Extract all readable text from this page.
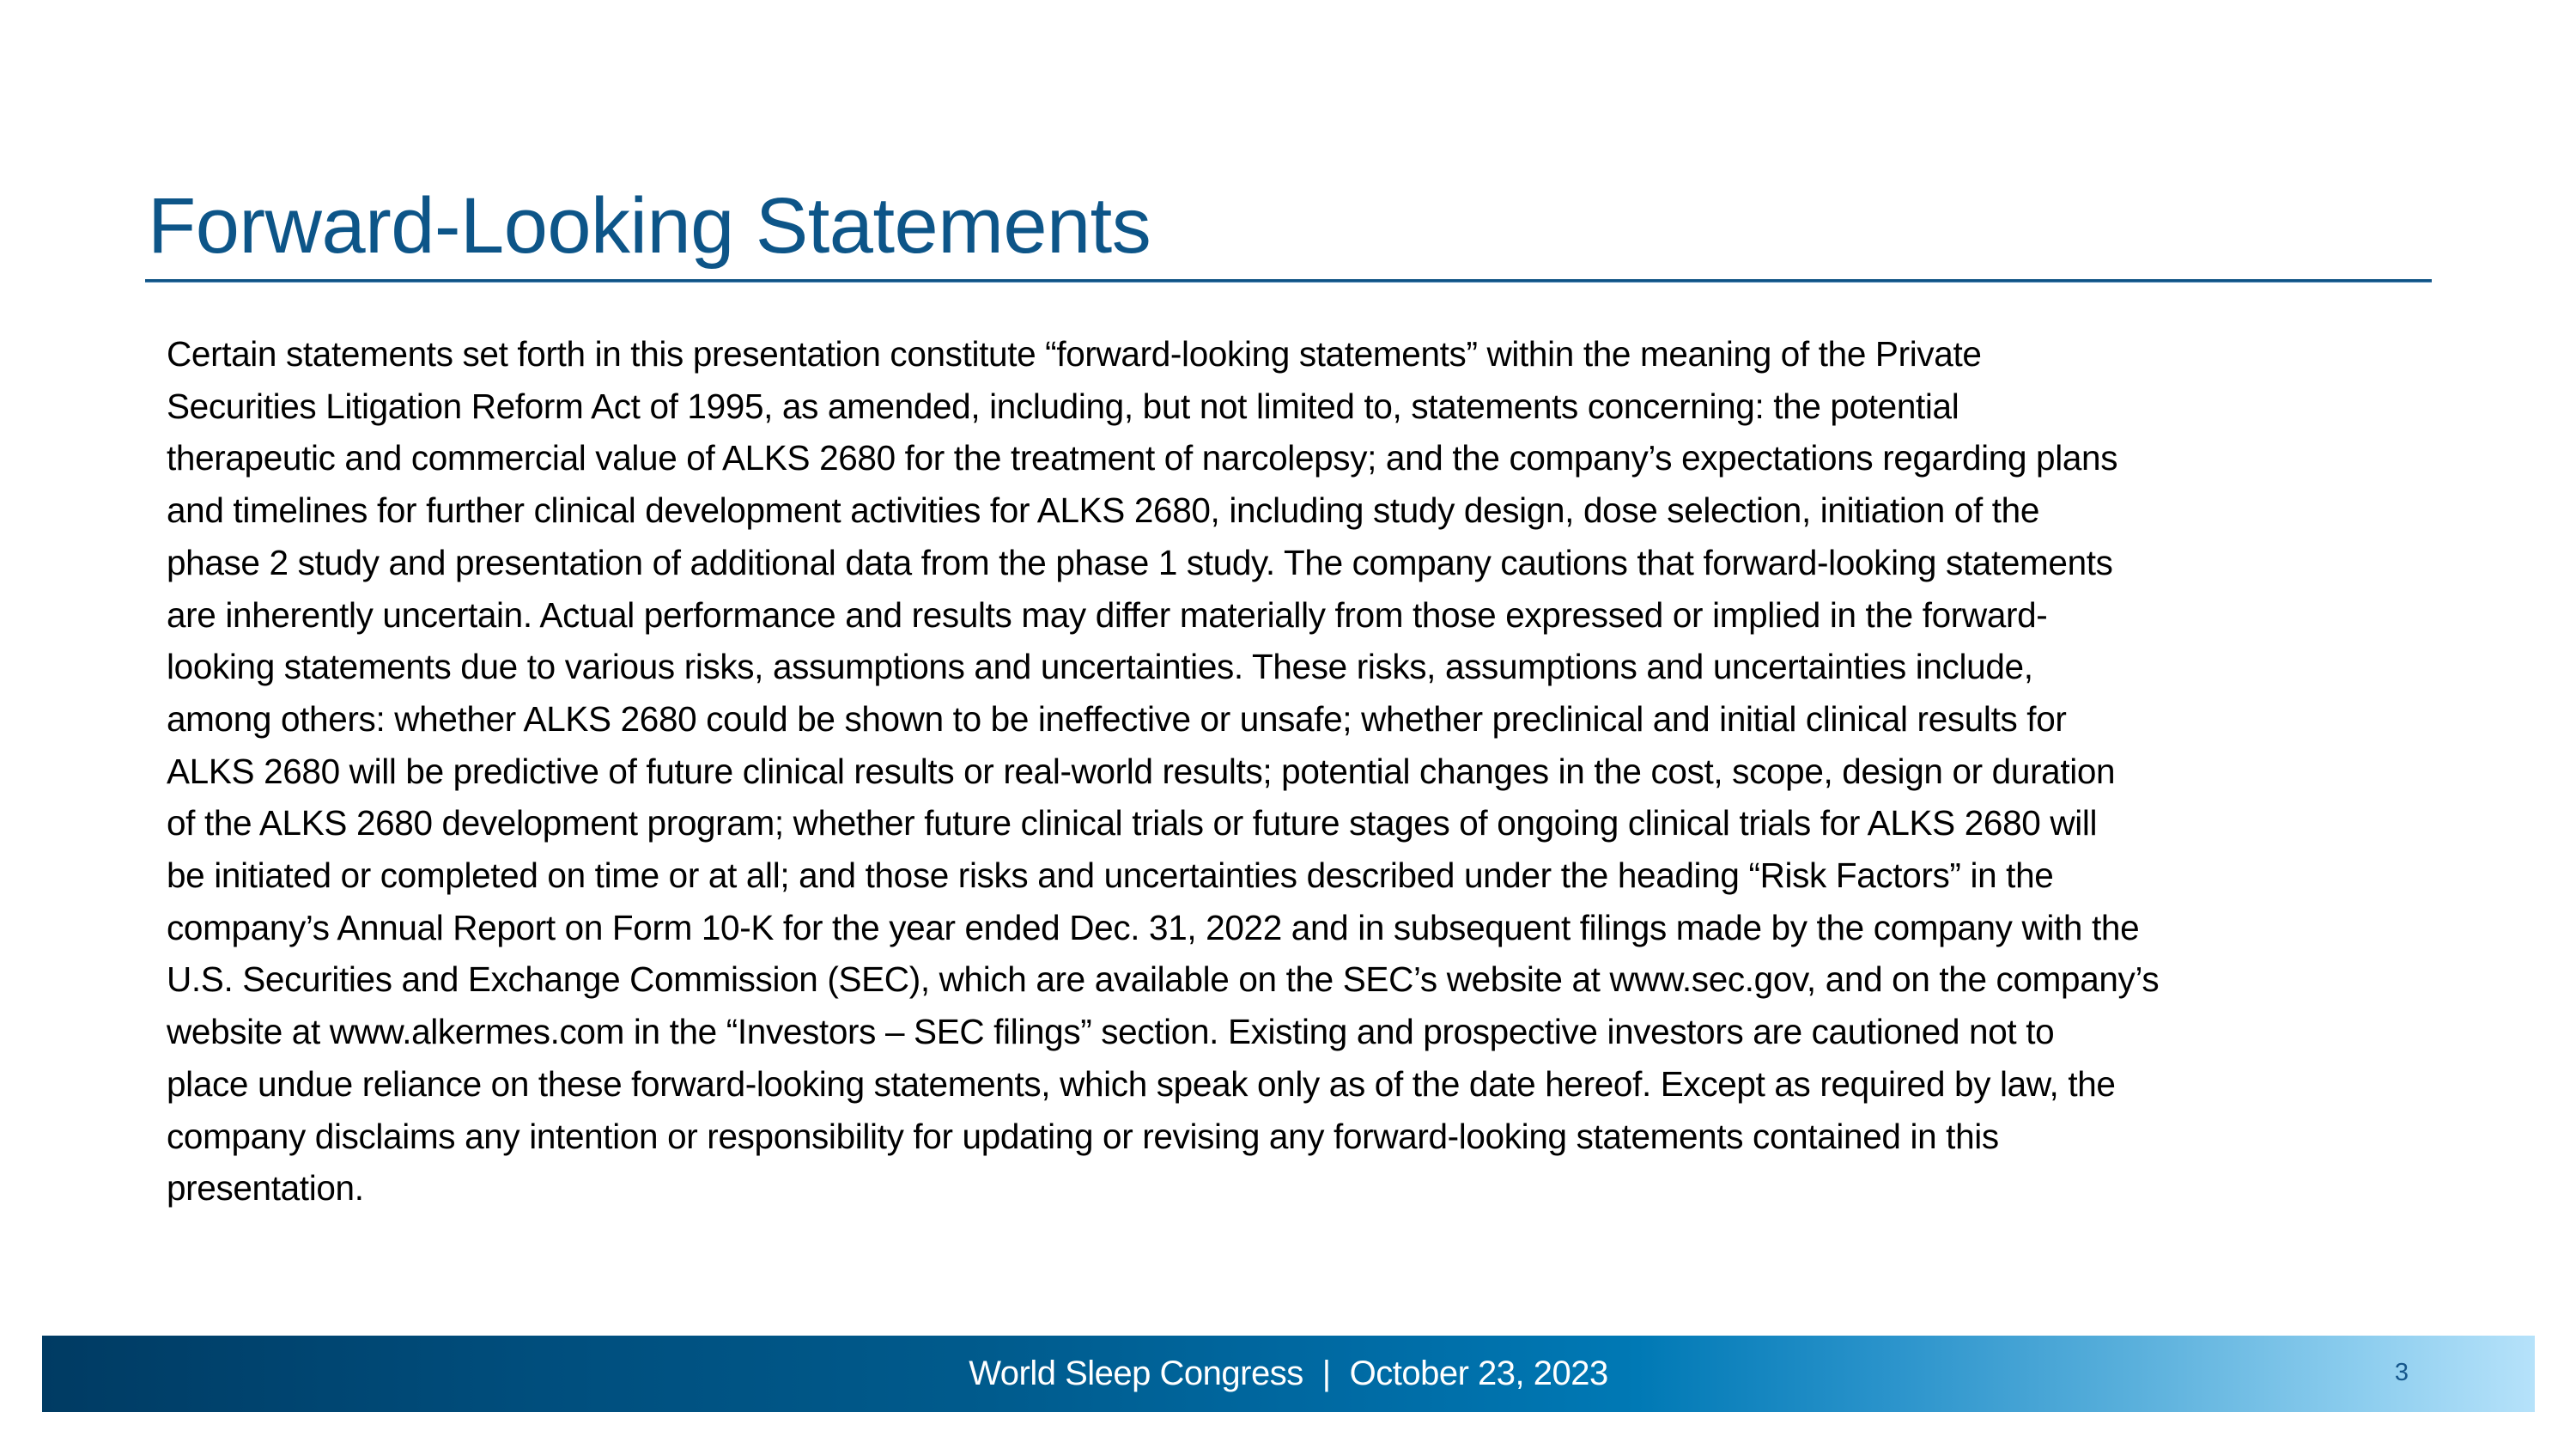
Forward-Looking Statements
Certain statements set forth in this presentation constitute “forward-looking statements” within the meaning of the Private
Securities Litigation Reform Act of 1995, as amended, including, but not limited to, statements concerning: the potential
therapeutic and commercial value of ALKS 2680 for the treatment of narcolepsy; and the company’s expectations regarding plans
and timelines for further clinical development activities for ALKS 2680, including study design, dose selection, initiation of the
phase 2 study and presentation of additional data from the phase 1 study. The company cautions that forward-looking statements
are inherently uncertain. Actual performance and results may differ materially from those expressed or implied in the forward-
looking statements due to various risks, assumptions and uncertainties. These risks, assumptions and uncertainties include,
among others: whether ALKS 2680 could be shown to be ineffective or unsafe; whether preclinical and initial clinical results for
ALKS 2680 will be predictive of future clinical results or real-world results; potential changes in the cost, scope, design or duration
of the ALKS 2680 development program; whether future clinical trials or future stages of ongoing clinical trials for ALKS 2680 will
be initiated or completed on time or at all; and those risks and uncertainties described under the heading “Risk Factors” in the
company’s Annual Report on Form 10-K for the year ended Dec. 31, 2022 and in subsequent filings made by the company with the
U.S. Securities and Exchange Commission (SEC), which are available on the SEC’s website at www.sec.gov, and on the company’s
website at www.alkermes.com in the “Investors – SEC filings” section. Existing and prospective investors are cautioned not to
place undue reliance on these forward-looking statements, which speak only as of the date hereof. Except as required by law, the
company disclaims any intention or responsibility for updating or revising any forward-looking statements contained in this
presentation.
World Sleep Congress | October 23, 2023	3
